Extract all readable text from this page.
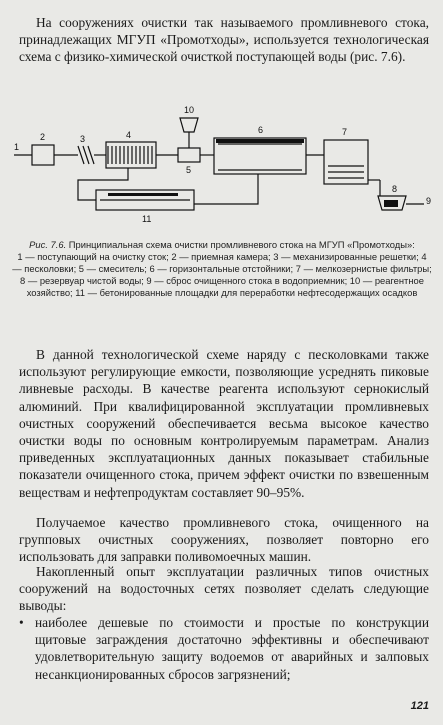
На сооружениях очистки так называемого промливневого стока, принадлежащих МГУП «Промотходы», используется технологическая схема с физико-химической очисткой поступающей воды (рис. 7.6).

1
2	3	4
5
6	7
8
9
10
11
Рис. 7.6. Принципиальная схема очистки промливневого стока на МГУП «Промотходы»:
1 — поступающий на очистку сток; 2 — приемная камера; 3 — механизированные решетки; 4 — песколовки; 5 — смеситель; 6 — горизонтальные отстойники; 7 — мелкозернистые фильтры; 8 — резервуар чистой воды; 9 — сброс очищенного стока в водоприемник; 10 — реагентное хозяйство; 11 — бетонированные площадки для переработки нефтесодержащих осадков

В данной технологической схеме наряду с песколовками также используют регулирующие емкости, позволяющие усреднять пиковые ливневые расходы. В качестве реагента используют сернокислый алюминий. При квалифицированной эксплуатации промливневых очистных сооружений обеспечивается весьма высокое качество очистки воды по основным контролируемым параметрам. Анализ приведенных эксплуатационных данных показывает стабильные показатели очищенного стока, причем эффект очистки по взвешенным веществам и нефтепродуктам составляет 90–95%.

Получаемое качество промливневого стока, очищенного на групповых очистных сооружениях, позволяет повторно его использовать для заправки поливомоечных машин.

Накопленный опыт эксплуатации различных типов очистных сооружений на водосточных сетях позволяет сделать следующие выводы:

• наиболее дешевые по стоимости и простые по конструкции щитовые заграждения достаточно эффективны и обеспечивают удовлетворительную защиту водоемов от аварийных и залповых несанкционированных сбросов загрязнений;
121
